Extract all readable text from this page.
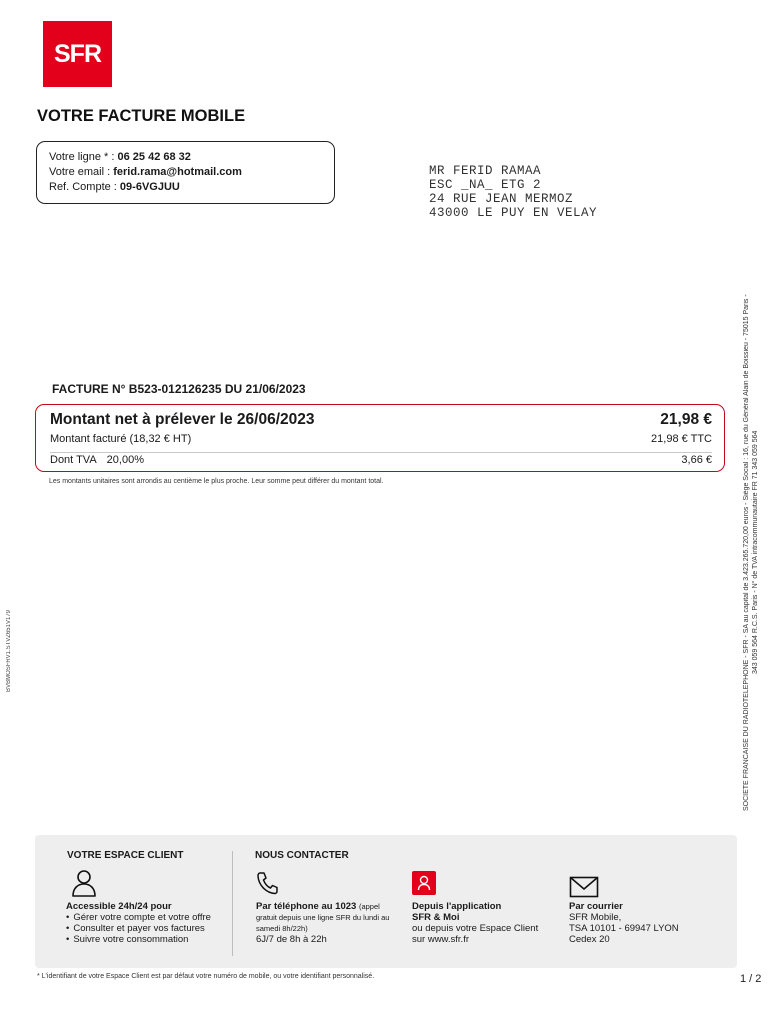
SFR
VOTRE FACTURE MOBILE
Votre ligne * : 06 25 42 68 32
Votre email : ferid.rama@hotmail.com
Ref. Compte : 09-6VGJUU
MR FERID RAMAA
ESC _NA_ ETG 2
24 RUE JEAN MERMOZ
43000 LE PUY EN VELAY
FACTURE N° B523-012126235 DU 21/06/2023
Montant net à prélever le 26/06/2023	21,98 €
Montant facturé (18,32 € HT)	21,98 € TTC
Dont TVA 20,00%	3,66 €
Les montants unitaires sont arrondis au centième le plus proche. Leur somme peut différer du montant total.
BVBMOSFRV1.STVZ651V179	SOCIETE FRANCAISE DU RADIOTELEPHONE - SFR - SA au capital de 3.423.265.720,00 euros - Siège Social : 16, rue du Général Alain de Boissieu - 75015 Paris - 343 059 564 R.C.S. Paris - N° de TVA intracommunautaire FR 71 343 059 564
VOTRE ESPACE CLIENT
Accessible 24h/24 pour
• Gérer votre compte et votre offre
• Consulter et payer vos factures
• Suivre votre consommation
NOUS CONTACTER
Par téléphone au 1023 (appel gratuit depuis une ligne SFR du lundi au samedi 8h/22h)
6J/7 de 8h à 22h
Depuis l'application
SFR & Moi
ou depuis votre Espace Client
sur www.sfr.fr
Par courrier
SFR Mobile,
TSA 10101 - 69947 LYON
Cedex 20
* L'identifiant de votre Espace Client est par défaut votre numéro de mobile, ou votre identifiant personnalisé.	1 / 2
